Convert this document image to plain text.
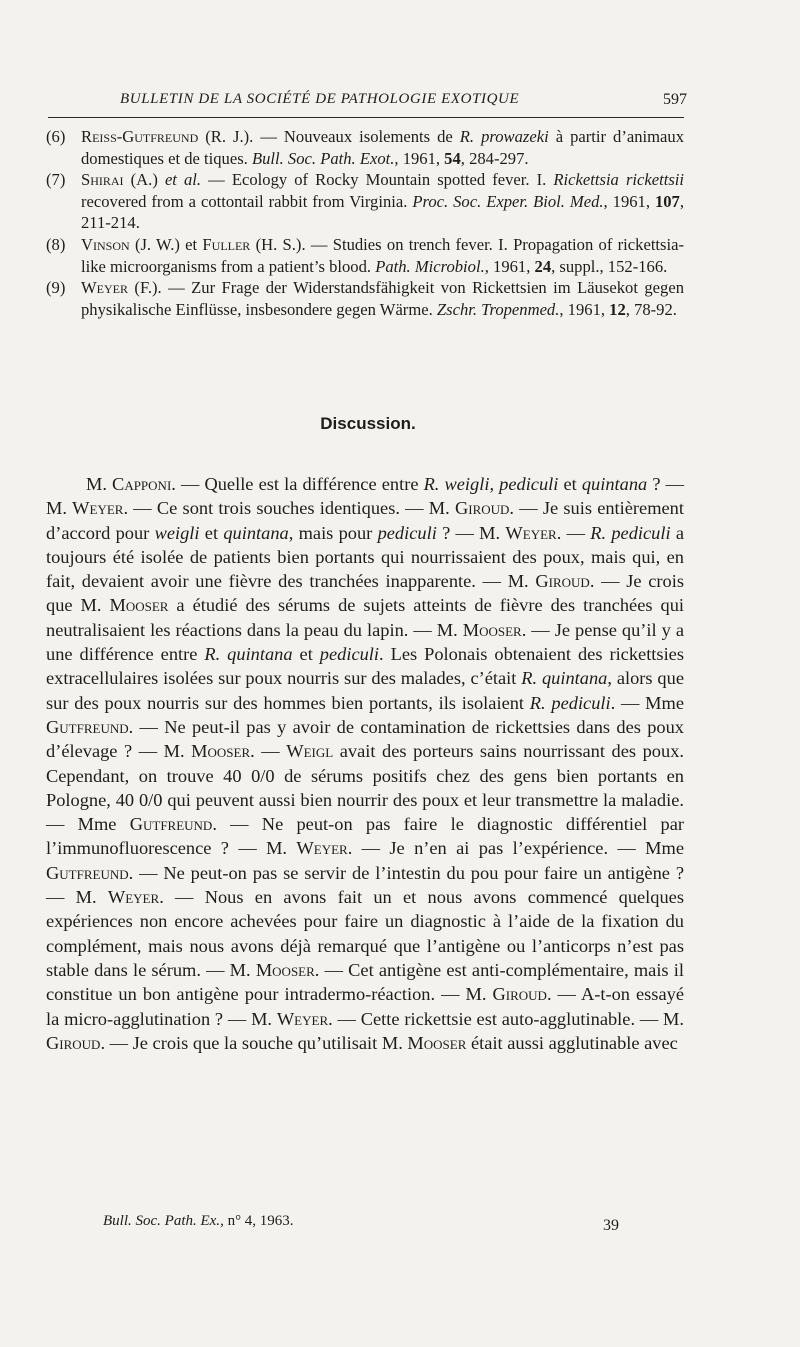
BULLETIN DE LA SOCIÉTÉ DE PATHOLOGIE EXOTIQUE	597
(6) Reiss-Gutfreund (R. J.). — Nouveaux isolements de R. prowazeki à partir d’animaux domestiques et de tiques. Bull. Soc. Path. Exot., 1961, 54, 284-297.
(7) Shirai (A.) et al. — Ecology of Rocky Mountain spotted fever. I. Rickettsia rickettsii recovered from a cottontail rabbit from Virginia. Proc. Soc. Exper. Biol. Med., 1961, 107, 211-214.
(8) Vinson (J. W.) et Fuller (H. S.). — Studies on trench fever. I. Propagation of rickettsia-like microorganisms from a patient’s blood. Path. Microbiol., 1961, 24, suppl., 152-166.
(9) Weyer (F.). — Zur Frage der Widerstandsfähigkeit von Rickettsien im Läusekot gegen physikalische Einflüsse, insbesondere gegen Wärme. Zschr. Tropenmed., 1961, 12, 78-92.
Discussion.
M. Capponi. — Quelle est la différence entre R. weigli, pediculi et quintana ? — M. Weyer. — Ce sont trois souches identiques. — M. Giroud. — Je suis entièrement d’accord pour weigli et quintana, mais pour pediculi ? — M. Weyer. — R. pediculi a toujours été isolée de patients bien portants qui nourrissaient des poux, mais qui, en fait, devaient avoir une fièvre des tranchées inapparente. — M. Giroud. — Je crois que M. Mooser a étudié des sérums de sujets atteints de fièvre des tranchées qui neutralisaient les réactions dans la peau du lapin. — M. Mooser. — Je pense qu’il y a une différence entre R. quintana et pediculi. Les Polonais obtenaient des rickettsies extracellulaires isolées sur poux nourris sur des malades, c’était R. quintana, alors que sur des poux nourris sur des hommes bien portants, ils isolaient R. pediculi. — Mme Gutfreund. — Ne peut-il pas y avoir de contamination de rickettsies dans des poux d’élevage ? — M. Mooser. — Weigl avait des porteurs sains nourrissant des poux. Cependant, on trouve 40 0/0 de sérums positifs chez des gens bien portants en Pologne, 40 0/0 qui peuvent aussi bien nourrir des poux et leur transmettre la maladie. — Mme Gutfreund. — Ne peut-on pas faire le diagnostic différentiel par l’immunofluorescence ? — M. Weyer. — Je n’en ai pas l’expérience. — Mme Gutfreund. — Ne peut-on pas se servir de l’intestin du pou pour faire un antigène ? — M. Weyer. — Nous en avons fait un et nous avons commencé quelques expériences non encore achevées pour faire un diagnostic à l’aide de la fixation du complément, mais nous avons déjà remarqué que l’antigène ou l’anticorps n’est pas stable dans le sérum. — M. Mooser. — Cet antigène est anti-complémentaire, mais il constitue un bon antigène pour intradermo-réaction. — M. Giroud. — A-t-on essayé la micro-agglutination ? — M. Weyer. — Cette rickettsie est auto-agglutinable. — M. Giroud. — Je crois que la souche qu’utilisait M. Mooser était aussi agglutinable avec
Bull. Soc. Path. Ex., n° 4, 1963.	39
